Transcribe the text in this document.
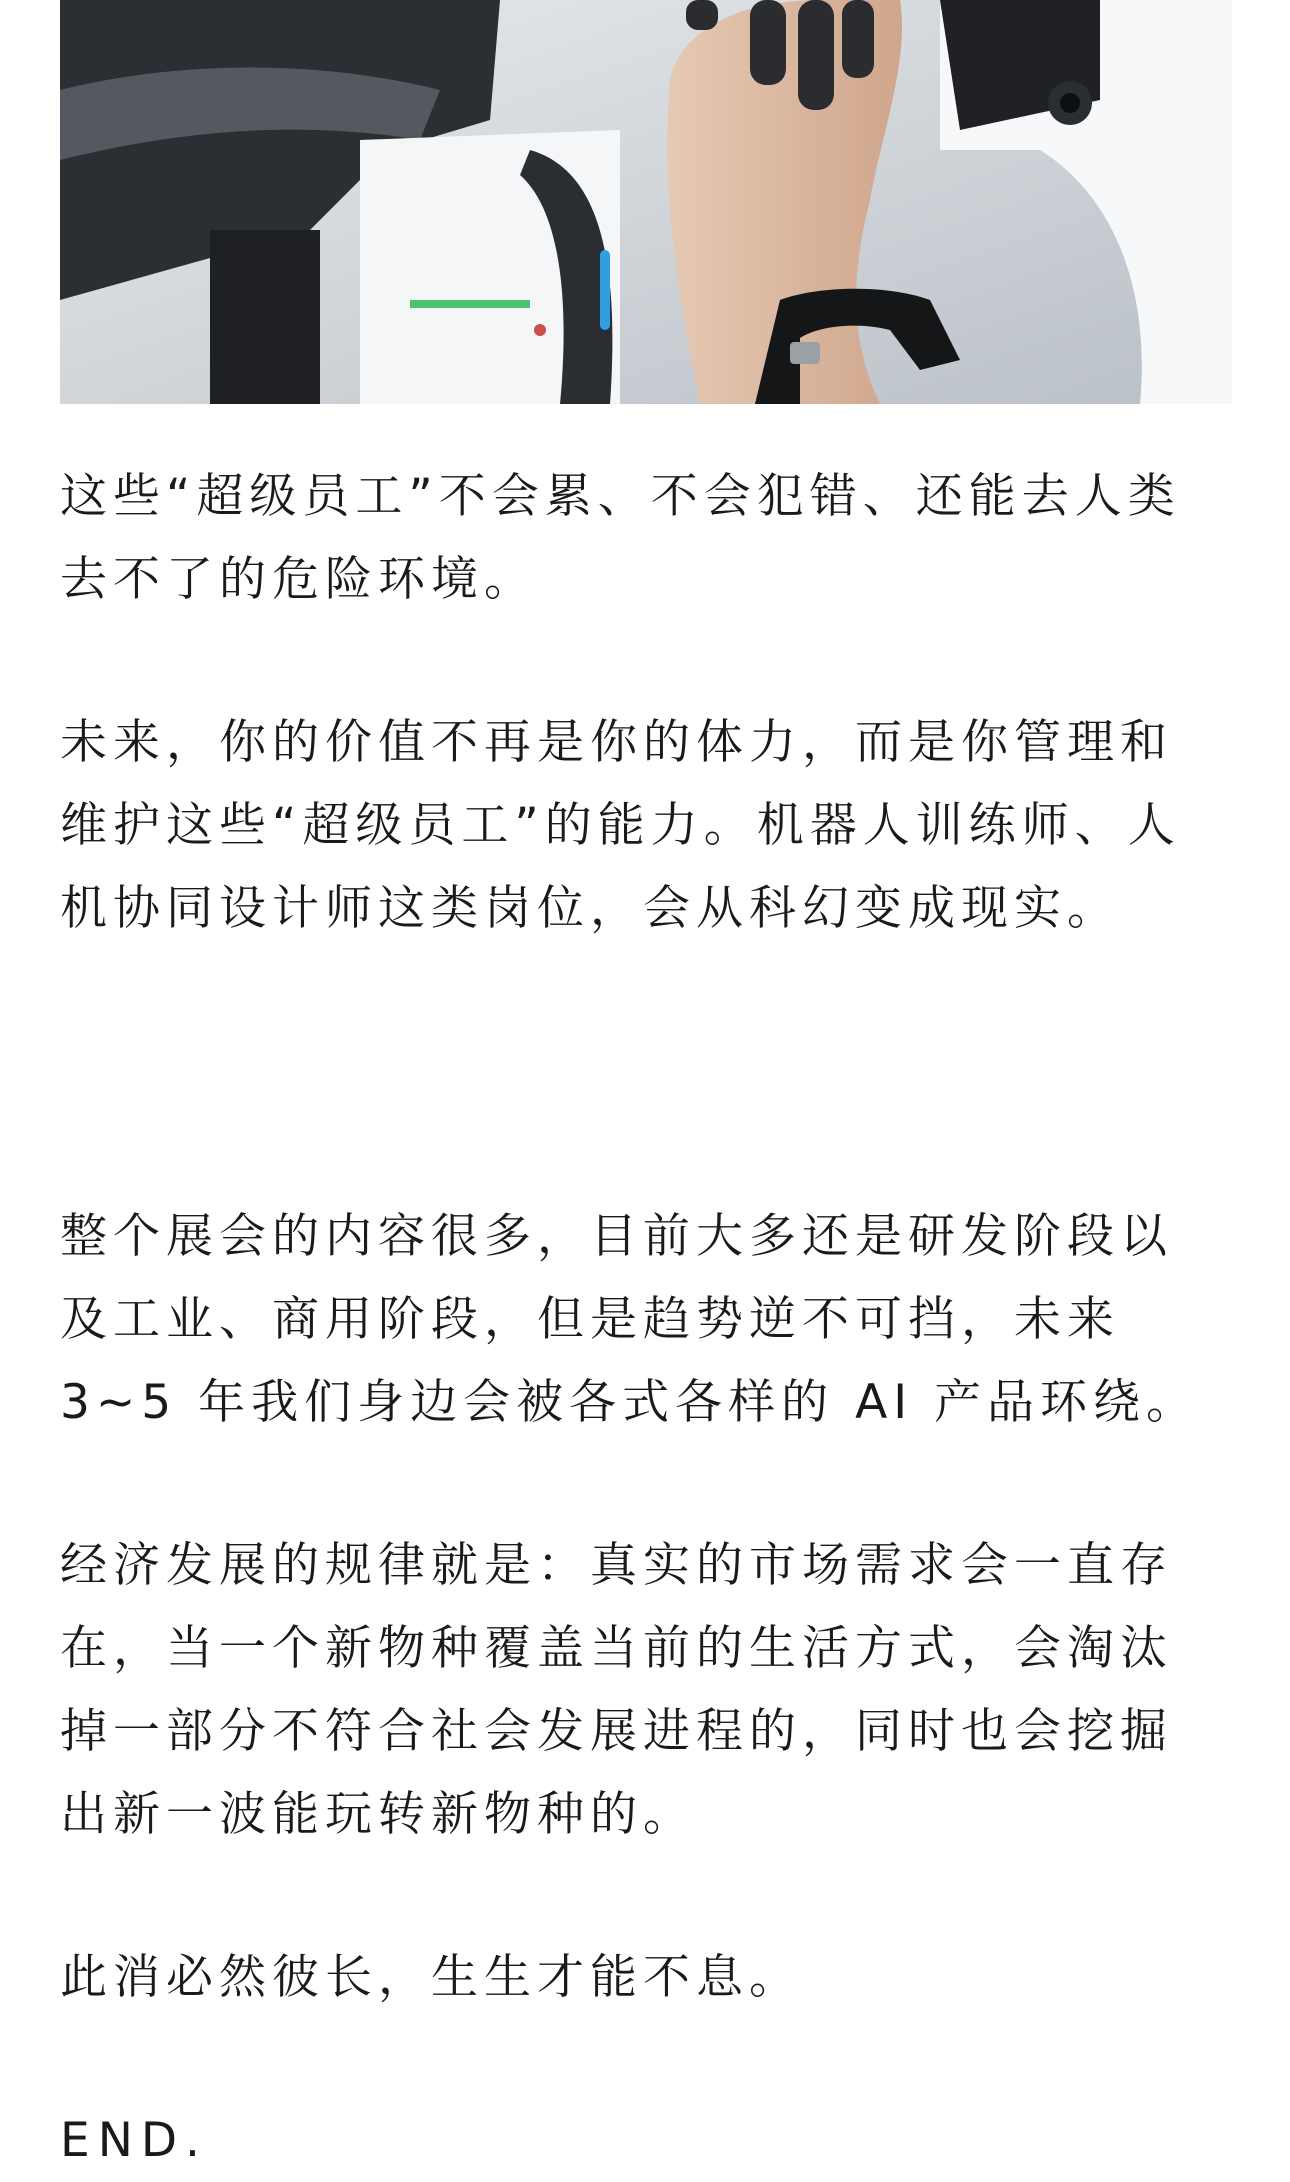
这些“超级员工”不会累、不会犯错、还能去人类
去不了的危险环境。

未来，你的价值不再是你的体力，而是你管理和
维护这些“超级员工”的能力。机器人训练师、人
机协同设计师这类岗位，会从科幻变成现实。

整个展会的内容很多，目前大多还是研发阶段以
及工业、商用阶段，但是趋势逆不可挡，未来
3~5 年我们身边会被各式各样的 AI 产品环绕。

经济发展的规律就是：真实的市场需求会一直存
在，当一个新物种覆盖当前的生活方式，会淘汰
掉一部分不符合社会发展进程的，同时也会挖掘
出新一波能玩转新物种的。

此消必然彼长，生生才能不息。

END.
